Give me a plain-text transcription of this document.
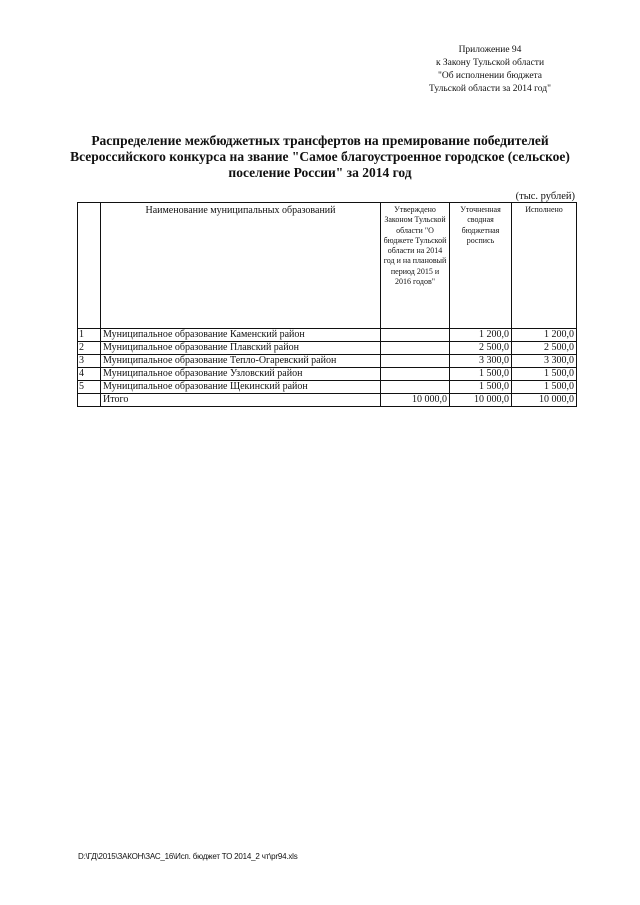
Приложение 94
к Закону Тульской области
"Об исполнении бюджета
Тульской области за 2014 год"
Распределение межбюджетных трансфертов на премирование победителей
Всероссийского конкурса на звание "Самое благоустроенное городское (сельское)
поселение России" за 2014 год
(тыс. рублей)
	Наименование муниципальных образований	Утверждено Законом Тульской области "О бюджете Тульской области на 2014 год и на плановый период 2015 и 2016 годов"	Уточненная сводная бюджетная роспись	Исполнено
1	Муниципальное образование Каменский район		1 200,0	1 200,0
2	Муниципальное образование Плавский район		2 500,0	2 500,0
3	Муниципальное образование Тепло-Огаревский район		3 300,0	3 300,0
4	Муниципальное образование Узловский район		1 500,0	1 500,0
5	Муниципальное образование Щекинский район		1 500,0	1 500,0
	Итого	10 000,0	10 000,0	10 000,0
D:\ГД\2015\ЗАКОН\ЗАС_16\Исп. бюджет ТО 2014_2 чт\pr94.xls
